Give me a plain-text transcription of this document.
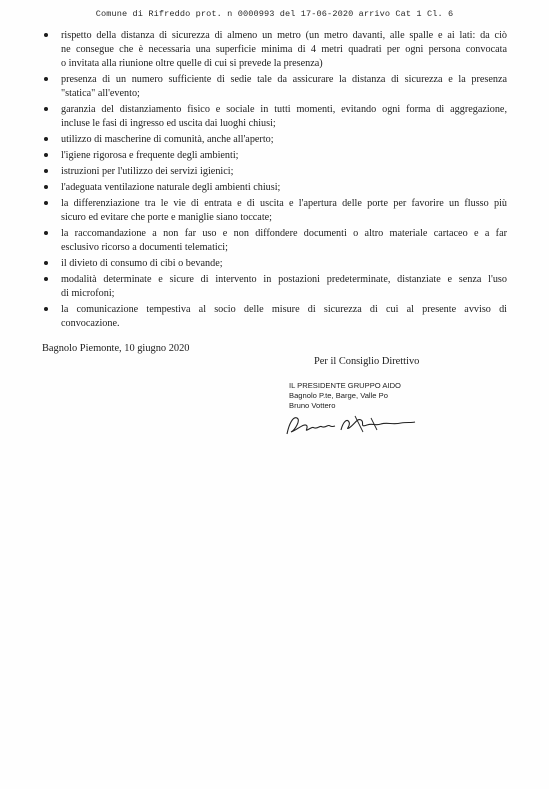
Comune di Rifreddo prot. n 0000993 del 17-06-2020 arrivo Cat 1 Cl. 6
rispetto della distanza di sicurezza di almeno un metro (un metro davanti, alle spalle e ai lati: da ciò
ne consegue che è necessaria una superficie minima di 4 metri quadrati per ogni persona convocata
o invitata alla riunione oltre quelle di cui si prevede la presenza)
presenza di un numero sufficiente di sedie tale da assicurare la distanza di sicurezza e la presenza
"statica" all'evento;
garanzia del distanziamento fisico e sociale in tutti momenti, evitando ogni forma di aggregazione,
incluse le fasi di ingresso ed uscita dai luoghi chiusi;
utilizzo di mascherine di comunità, anche all'aperto;
l'igiene rigorosa e frequente degli ambienti;
istruzioni per l'utilizzo dei servizi igienici;
l'adeguata ventilazione naturale degli ambienti chiusi;
la differenziazione tra le vie di entrata e di uscita e l'apertura delle porte per favorire un flusso più
sicuro ed evitare che porte e maniglie siano toccate;
la raccomandazione a non far uso e non diffondere documenti o altro materiale cartaceo e a far
esclusivo ricorso a documenti telematici;
il divieto di consumo di cibi o bevande;
modalità determinate e sicure di intervento in postazioni predeterminate, distanziate e senza l'uso
di microfoni;
la comunicazione tempestiva al socio delle misure di sicurezza di cui al presente avviso di
convocazione.
Bagnolo Piemonte, 10 giugno 2020
Per il Consiglio Direttivo
IL PRESIDENTE GRUPPO AIDO
Bagnolo P.te, Barge, Valle Po
Bruno Vottero
